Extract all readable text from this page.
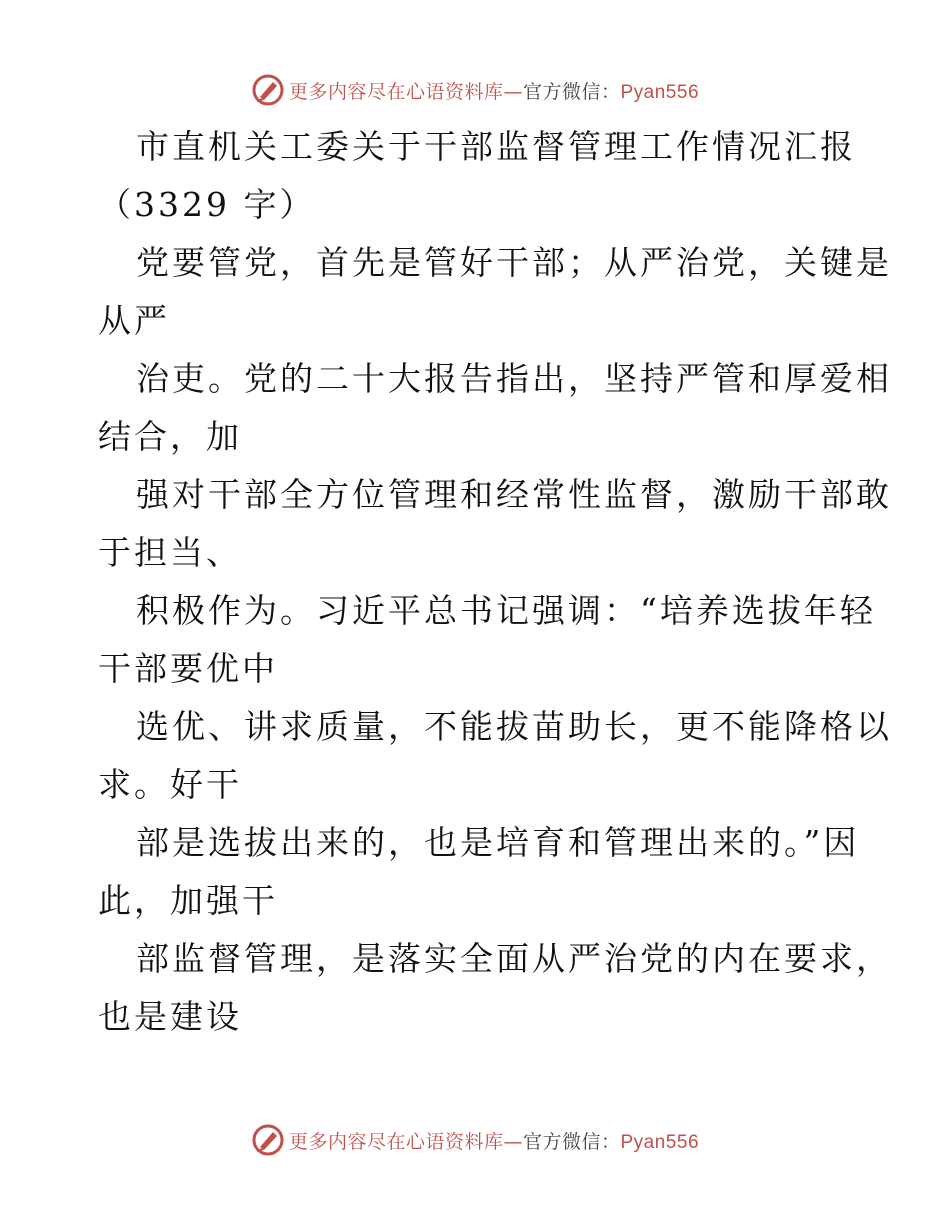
更多内容尽在心语资料库—官方微信：Pyan556
市直机关工委关于干部监督管理工作情况汇报
（3329 字）
党要管党，首先是管好干部；从严治党，关键是
从严
治吏。党的二十大报告指出，坚持严管和厚爱相
结合，加
强对干部全方位管理和经常性监督，激励干部敢
于担当、
积极作为。习近平总书记强调：“培养选拔年轻
干部要优中
选优、讲求质量，不能拔苗助长，更不能降格以
求。好干
部是选拔出来的，也是培育和管理出来的。”因
此，加强干
部监督管理，是落实全面从严治党的内在要求，
也是建设
更多内容尽在心语资料库—官方微信：Pyan556
